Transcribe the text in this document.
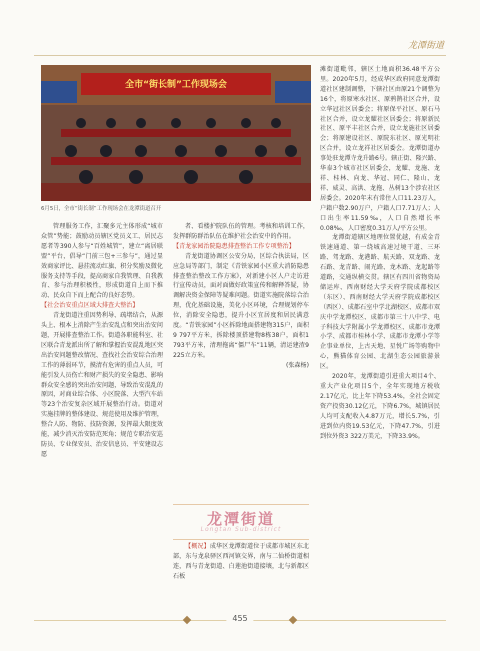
龙潭街道
全市“街长制”工作现场会
6月5日，全市“街长制”工作现场会在龙潭街道召开

管理服务工作，汇聚多元主体形成“城市众管”势能；鼓励动员辖区党员义工、居民志愿者等390人参与“百姓城管”，建立“离居联盟”平台，倡导“门前三包+三参与”，通过显效商家评比、悬挂流动红旗、积分奖励及微化服务支持等手段，提高商家自我管理、自我教育、参与治理积极性，形成街道自上而下推动、民众自下而上配合的良好态势。

【社会治安重点区域大排查大整治】

青龙街道注重因势利导、疏堵结合，从源头上、根本上消除产生治安乱点和突出治安问题，开展排查整治工作。街道各职能科室、社区联合青龙派出所了解和掌握治安混乱地区突出治安问题整改情况、查找社会治安综合治理工作的薄弱环节，摸清有危害的重点人员，可能引发人员伤亡和财产损失的安全隐患、影响群众安全感的突出治安问题，导致治安混乱的原因，对商业综合体、小区院落、大型汽车站等23个治安复杂区域开展整治行动。街道对实施挂牌的整体建设、规范使用及维护管理，整合人防、物防、技防资源，发挥最大限度效能，减少消灭治安防范死角；规范专职治安巡防员、专业保安员、治安信息员、平安建设志愿

者、看楼护院队伍的管理。考核和培训工作，发挥群防群治队伍在维护社会治安中的作用。

【青龙家园治院隐患排查整治工作专项整治】

青龙街道协调区公安分局，区综合执法局，区应急局等部门，制定《青铁家园小区重大消防隐患排查整治整改工作方案》，对新建小区人户走访进行宣传动员，面对面做好政策宣传和解释答疑，协调解决资金保障等疑难问题。街道实施院落综合治理，优化基础设施，美化小区环境，合理规划停车位，消除安全隐患，提升小区宜居度和居民满意度。“青铁家园”小区拆除地面搭建物315户，面积9 797平方米，拆除楼顶搭建物8栋38户，面积1 793平方米，清理拖离“僵尸车”11辆，清运建渣9 225立方米。

(张森杨)

龙潭街道
Longtan Sub-district

【概况】成华区龙潭街道位于成都市城区东北部，东与龙泉驿区西河镇交界，南与二仙桥街道相连，西与青龙街道、白莲池街道接壤，北与新都区石板

滩街道毗邻，辖区土地面积36.48平方公里。2020年5月，经成华区政府同意龙潭街道社区建制调整，下辖社区由原21个调整为16个，将原寒水社区、原鸦鹊社区合并，设立华冠社区居委会；将原保平社区、原石马社区合并，设立龙耀社区居委会；将原新民社区、原平丰社区合并，设立龙施社区居委会；将原建设社区、原院东社区、原光明社区合并，设立龙祥社区居委会。龙潭街道办事处驻龙潭寺龙升路6号。辖正街、隆兴路、华泰3个城市社区居委会，龙耀、龙施、龙祥、桂林、向龙、华冠、同仁、隆山、龙祥、威灵、高洪、龙拖、丛树13个涉农社区居委会。2020年末有常住人口11.23万人，户籍户数2.90万户，户籍人口7.71万人；人口出生率11.59‰，人口自然增长率0.08‰，人口密度0.31万人/平方公里。

龙潭街道辖区地理位置优越，有成金青铁速通道、第一绕城高速过境干道、三环路、驾龙路、龙港路、航天路、双龙路、龙石路、龙青路、闹光路、龙木路、龙起路等道路，交通纵横交贯。辖区有四川省物资局储运库、西南财经大学天府学院成都校区（东区）、西南财经大学天府学院成都校区（西区）、成都石室中学北湖校区、成都市双庆中学龙潭校区、成都市第三十八中学、电子科技大学附属小学龙潭校区、成都市龙潭小学、成都市桂林小学、成都市龙潭小学等企事业单位，上古天地、星悦广场等购物中心，熊猫体育公园、北湖生态公园旅游景区。

2020年，龙潭街道引进重大项目4个、重大产业化项目5个，全年实现地方税收2.17亿元，比上年下降53.4%，全社会固定资产投资30.12亿元，下降6.7%，城镇居民人均可支配收入4.87万元，增长5.7%，引进到位内资19.53亿元，下降47.7%，引进到位外资3 322万美元，下降33.9%。

455
